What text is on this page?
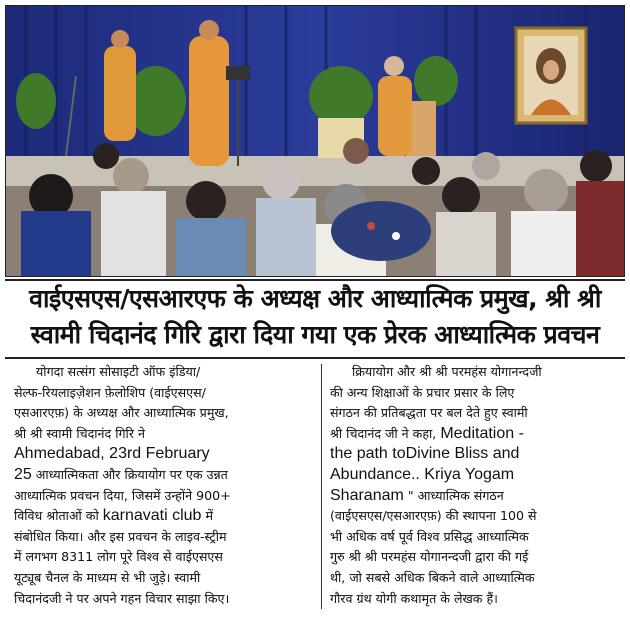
वाईएसएस/एसआरएफ के अध्यक्ष और आध्यात्मिक प्रमुख, श्री श्री
स्वामी चिदानंद गिरि द्वारा दिया गया एक प्रेरक आध्यात्मिक प्रवचन
योगदा सत्संग सोसाइटी ऑफ इंडिया/
सेल्फ-रियलाइज़ेशन फ़ेलोशिप (वाईएसएस/
एसआरएफ़) के अध्यक्ष और आध्यात्मिक प्रमुख,
श्री श्री स्वामी चिदानंद गिरि ने
Ahmedabad, 23rd February
25 आध्यात्मिकता और क्रियायोग पर एक उन्नत
आध्यात्मिक प्रवचन दिया, जिसमें उन्होंने 900+
विविध श्रोताओं को karnavati club में
संबोधित किया। और इस प्रवचन के लाइव-स्ट्रीम
में लगभग 8311 लोग पूरे विश्व से वाईएसएस
यूट्यूब चैनल के माध्यम से भी जुड़े। स्वामी
चिदानंदजी ने पर अपने गहन विचार साझा किए।
क्रियायोग और श्री श्री परमहंस योगानन्दजी
की अन्य शिक्षाओं के प्रचार प्रसार के लिए
संगठन की प्रतिबद्धता पर बल देते हुए स्वामी
श्री चिदानंद जी ने कहा, Meditation -
the path toDivine Bliss and
Abundance.. Kriya Yogam
Sharanam " आध्यात्मिक संगठन
(वाईएसएस/एसआरएफ़) की स्थापना 100 से
भी अधिक वर्ष पूर्व विश्व प्रसिद्ध आध्यात्मिक
गुरु श्री श्री परमहंस योगानन्दजी द्वारा की गई
थी, जो सबसे अधिक बिकने वाले आध्यात्मिक
गौरव ग्रंथ योगी कथामृत के लेखक हैं।
